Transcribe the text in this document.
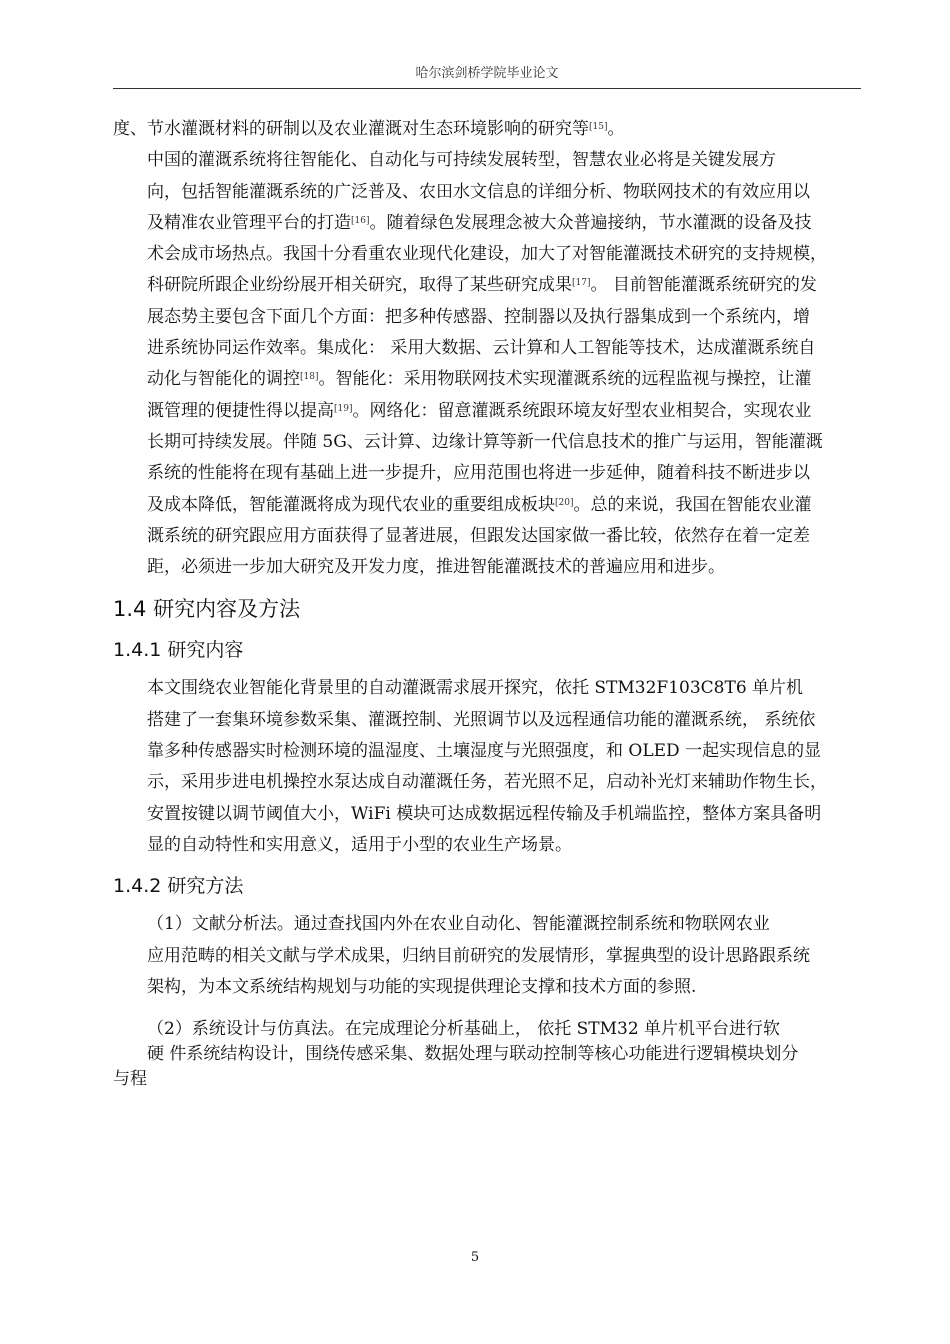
哈尔滨剑桥学院毕业论文

度、节水灌溉材料的研制以及农业灌溉对生态环境影响的研究等[15]。

中国的灌溉系统将往智能化、自动化与可持续发展转型，智慧农业必将是关键发展方
向，包括智能灌溉系统的广泛普及、农田水文信息的详细分析、物联网技术的有效应用以
及精准农业管理平台的打造[16]。随着绿色发展理念被大众普遍接纳，节水灌溉的设备及技
术会成市场热点。我国十分看重农业现代化建设，加大了对智能灌溉技术研究的支持规模，
科研院所跟企业纷纷展开相关研究，取得了某些研究成果[17]。 目前智能灌溉系统研究的发
展态势主要包含下面几个方面：把多种传感器、控制器以及执行器集成到一个系统内，增
进系统协同运作效率。集成化： 采用大数据、云计算和人工智能等技术，达成灌溉系统自
动化与智能化的调控[18]。智能化：采用物联网技术实现灌溉系统的远程监视与操控，让灌
溉管理的便捷性得以提高[19]。网络化：留意灌溉系统跟环境友好型农业相契合，实现农业
长期可持续发展。伴随 5G、云计算、边缘计算等新一代信息技术的推广与运用，智能灌溉
系统的性能将在现有基础上进一步提升，应用范围也将进一步延伸，随着科技不断进步以
及成本降低，智能灌溉将成为现代农业的重要组成板块[20]。总的来说，我国在智能农业灌
溉系统的研究跟应用方面获得了显著进展，但跟发达国家做一番比较，依然存在着一定差
距，必须进一步加大研究及开发力度，推进智能灌溉技术的普遍应用和进步。

1.4 研究内容及方法
1.4.1 研究内容

本文围绕农业智能化背景里的自动灌溉需求展开探究，依托 STM32F103C8T6 单片机
搭建了一套集环境参数采集、灌溉控制、光照调节以及远程通信功能的灌溉系统， 系统依
靠多种传感器实时检测环境的温湿度、土壤湿度与光照强度，和 OLED 一起实现信息的显
示，采用步进电机操控水泵达成自动灌溉任务，若光照不足，启动补光灯来辅助作物生长，
安置按键以调节阈值大小，WiFi 模块可达成数据远程传输及手机端监控，整体方案具备明
显的自动特性和实用意义，适用于小型的农业生产场景。

1.4.2 研究方法

（1）文献分析法。通过查找国内外在农业自动化、智能灌溉控制系统和物联网农业
应用范畴的相关文献与学术成果，归纳目前研究的发展情形，掌握典型的设计思路跟系统
架构，为本文系统结构规划与功能的实现提供理论支撑和技术方面的参照.

（2）系统设计与仿真法。在完成理论分析基础上， 依托 STM32 单片机平台进行软
硬 件系统结构设计，围绕传感采集、数据处理与联动控制等核心功能进行逻辑模块划分
与程

5
